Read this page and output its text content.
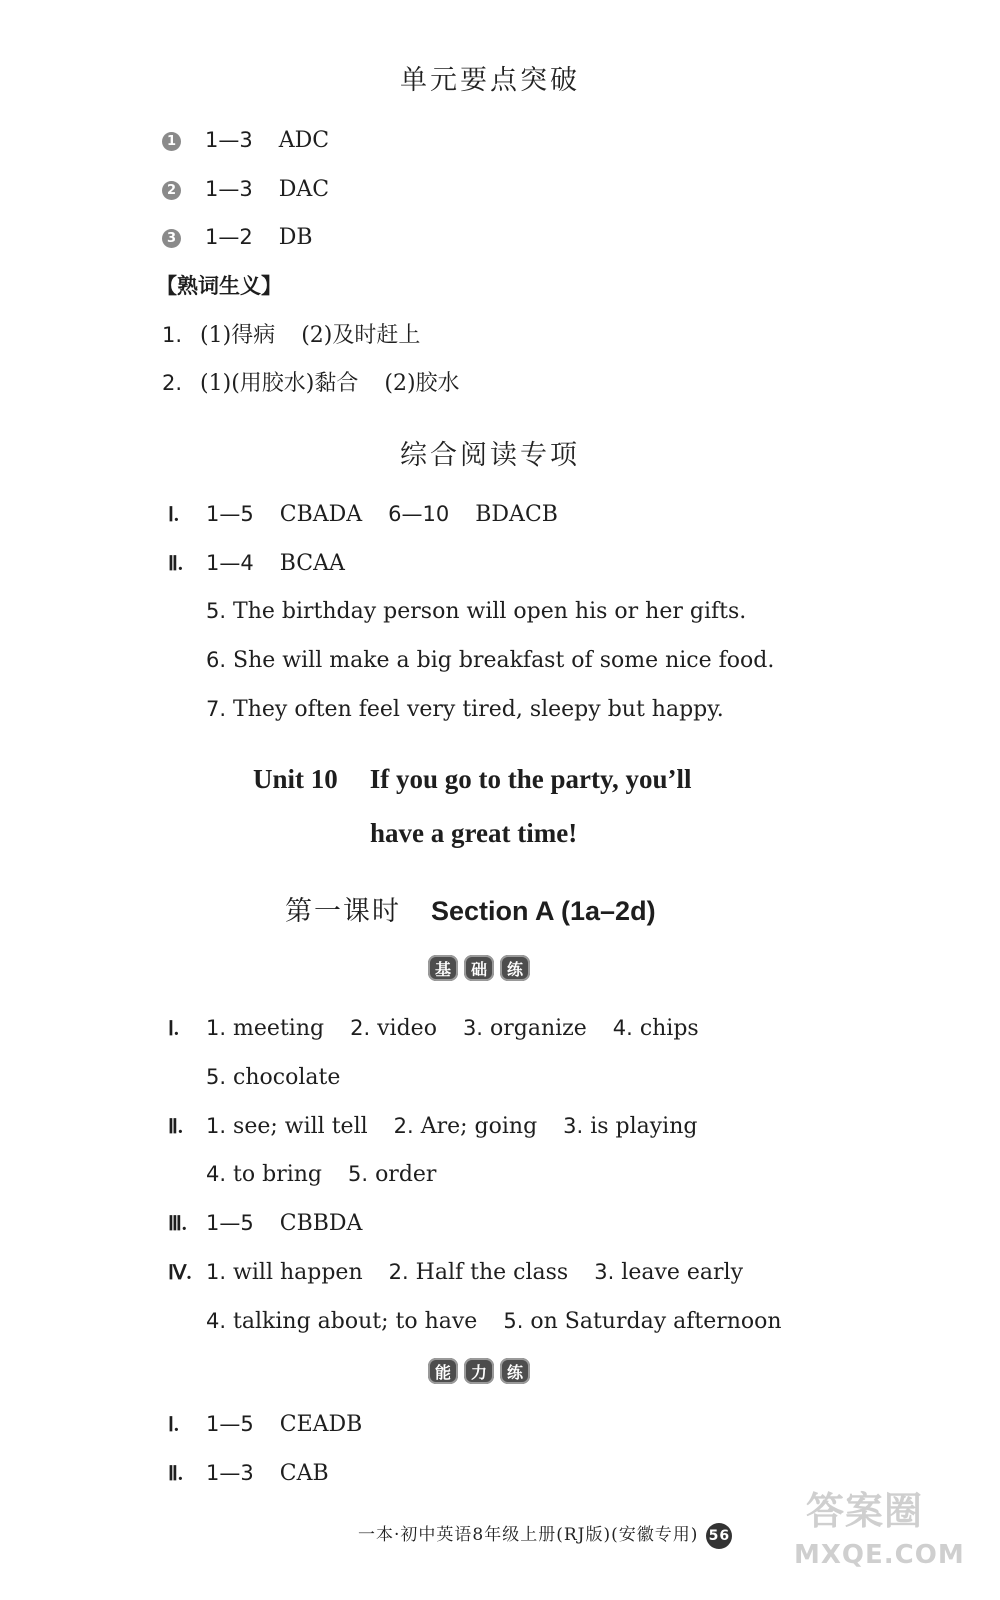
单元要点突破
1 1—3 ADC
2 1—3 DAC
3 1—2 DB
【熟词生义】
1. (1)得病 (2)及时赶上
2. (1)(用胶水)黏合 (2)胶水
综合阅读专项
Ⅰ. 1—5 CBADA 6—10 BDACB
Ⅱ. 1—4 BCAA
5. The birthday person will open his or her gifts.
6. She will make a big breakfast of some nice food.
7. They often feel very tired, sleepy but happy.
Unit 10 If you go to the party, you’ll
have a great time!
第一课时 Section A (1a–2d)
基	础	练
Ⅰ. 1. meeting 2. video 3. organize 4. chips
5. chocolate
Ⅱ. 1. see; will tell 2. Are; going 3. is playing
4. to bring 5. order
Ⅲ. 1—5 CBBDA
Ⅳ. 1. will happen 2. Half the class 3. leave early
4. talking about; to have 5. on Saturday afternoon
能	力	练
Ⅰ. 1—5 CEADB
Ⅱ. 1—3 CAB
一本·初中英语8年级上册(RJ版)(安徽专用) 56
答案圈
MXQE.COM
